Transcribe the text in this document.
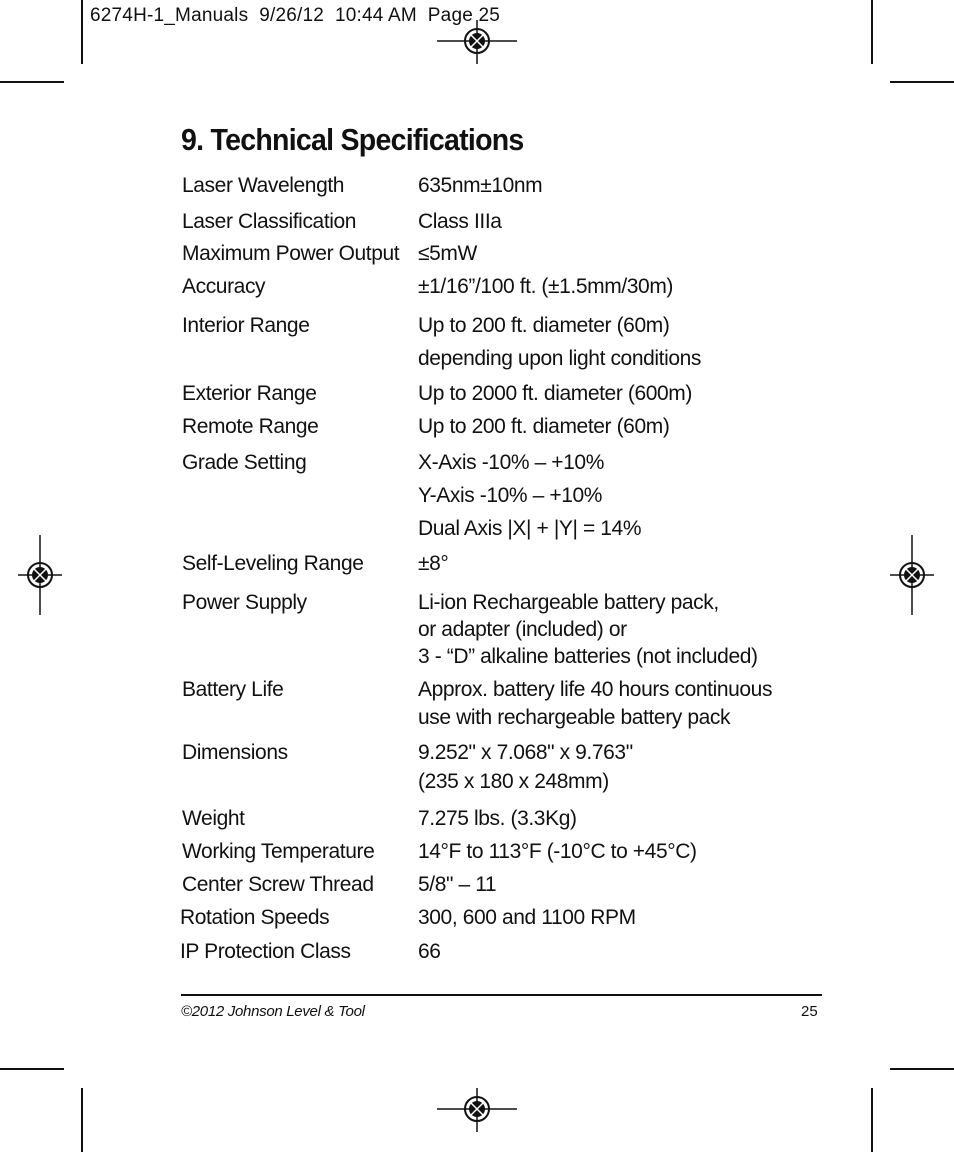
6274H-1_Manuals  9/26/12  10:44 AM  Page 25
9. Technical Specifications
Laser Wavelength
Laser Classification
Maximum Power Output
Accuracy
Interior Range
Exterior Range
Remote Range
Grade Setting
Self-Leveling Range
Power Supply
Battery Life
Dimensions
Weight
Working Temperature
Center Screw Thread
Rotation Speeds
IP Protection Class
635nm±10nm
Class IIIa
≤5mW
±1/16”/100 ft. (±1.5mm/30m)
Up to 200 ft. diameter (60m)
depending upon light conditions
Up to 2000 ft. diameter (600m)
Up to 200 ft. diameter (60m)
X-Axis -10% – +10%
Y-Axis -10% – +10%
Dual Axis |X| + |Y| = 14%
±8°
Li-ion Rechargeable battery pack,
or adapter (included) or
3 - “D” alkaline batteries (not included)
Approx. battery life 40 hours continuous
use with rechargeable battery pack
9.252" x 7.068" x 9.763"
(235 x 180 x 248mm)
7.275 lbs. (3.3Kg)
14°F to 113°F (-10°C to +45°C)
5/8" – 11
300, 600 and 1100 RPM
66
©2012 Johnson Level & Tool	25
